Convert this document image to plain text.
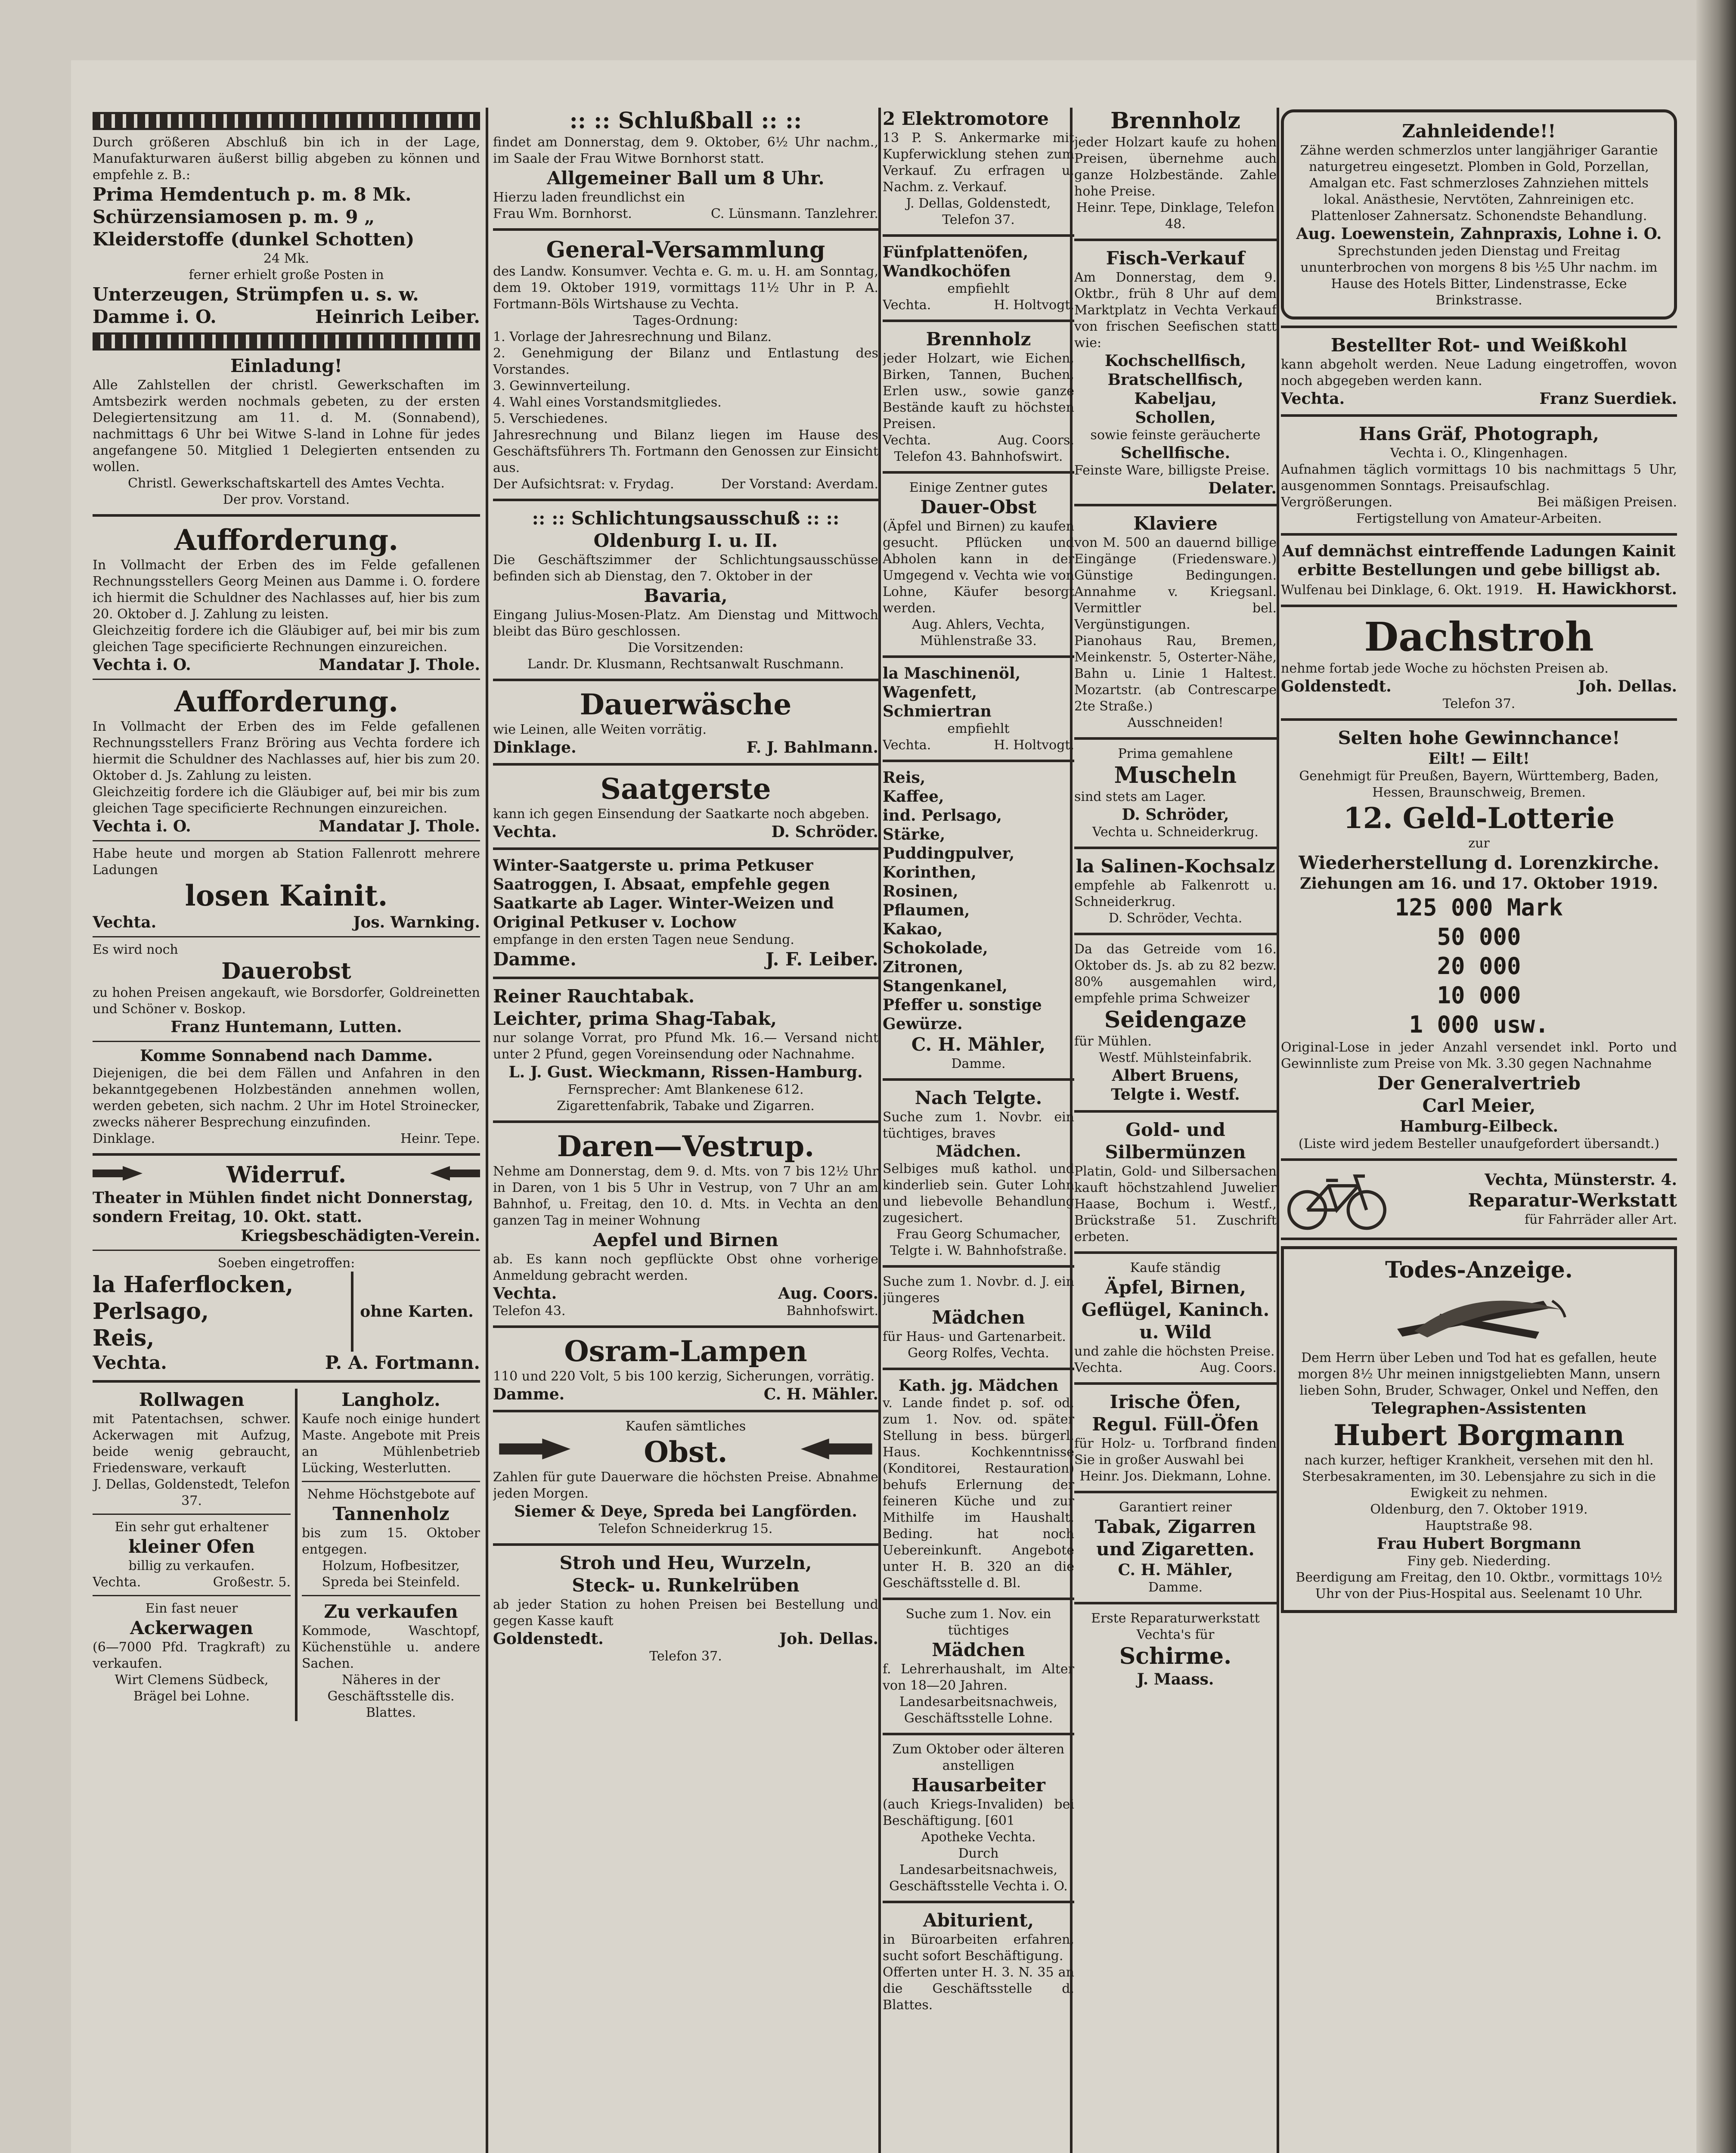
Durch größeren Abschluß bin ich in der Lage, Manufakturwaren äußerst billig abgeben zu können und empfehle z. B.:

Prima Hemdentuch p. m. 8 Mk.

Schürzensiamosen p. m. 9 „

Kleiderstoffe (dunkel Schotten)

24 Mk.

ferner erhielt große Posten in

Unterzeugen, Strümpfen u. s. w.

Damme i. O.	Heinrich Leiber.

Einladung!

Alle Zahlstellen der christl. Gewerkschaften im Amtsbezirk werden nochmals gebeten, zu der ersten Delegiertensitzung am 11. d. M. (Sonnabend), nachmittags 6 Uhr bei Witwe S-land in Lohne für jedes angefangene 50. Mitglied 1 Delegierten entsenden zu wollen.

Christl. Gewerkschaftskartell des Amtes Vechta.

Der prov. Vorstand.

Aufforderung.

In Vollmacht der Erben des im Felde gefallenen Rechnungsstellers Georg Meinen aus Damme i. O. fordere ich hiermit die Schuldner des Nachlasses auf, hier bis zum 20. Oktober d. J. Zahlung zu leisten.

Gleichzeitig fordere ich die Gläubiger auf, bei mir bis zum gleichen Tage specificierte Rechnungen einzureichen.

Vechta i. O.	Mandatar J. Thole.

Aufforderung.

In Vollmacht der Erben des im Felde gefallenen Rechnungsstellers Franz Bröring aus Vechta fordere ich hiermit die Schuldner des Nachlasses auf, hier bis zum 20. Oktober d. Js. Zahlung zu leisten.

Gleichzeitig fordere ich die Gläubiger auf, bei mir bis zum gleichen Tage specificierte Rechnungen einzureichen.

Vechta i. O.	Mandatar J. Thole.

Habe heute und morgen ab Station Fallenrott mehrere Ladungen

losen Kainit.

Vechta.	Jos. Warnking.

Es wird noch

Dauerobst

zu hohen Preisen angekauft, wie Borsdorfer, Goldreinetten und Schöner v. Boskop.

Franz Huntemann, Lutten.

Komme Sonnabend nach Damme.

Diejenigen, die bei dem Fällen und Anfahren in den bekanntgegebenen Holzbeständen annehmen wollen, werden gebeten, sich nachm. 2 Uhr im Hotel Stroinecker, zwecks näherer Besprechung einzufinden.

Dinklage.	Heinr. Tepe.
Widerruf.

Theater in Mühlen findet nicht Donnerstag, sondern Freitag, 10. Okt. statt.

Kriegsbeschädigten-Verein.

Soeben eingetroffen:

la Haferflocken,

Perlsago,

Reis,

ohne Karten.

Vechta.	P. A. Fortmann.

Rollwagen

mit Patentachsen, schwer. Ackerwagen mit Aufzug, beide wenig gebraucht, Friedensware, verkauft

J. Dellas, Goldenstedt, Telefon 37.

Ein sehr gut erhaltener

kleiner Ofen

billig zu verkaufen.

Vechta.	Großestr. 5.

Ein fast neuer

Ackerwagen

(6—7000 Pfd. Tragkraft) zu verkaufen.

Wirt Clemens Südbeck, Brägel bei Lohne.

Langholz.

Kaufe noch einige hundert Maste. Angebote mit Preis an Mühlenbetrieb Lücking, Westerlutten.

Nehme Höchstgebote auf

Tannenholz

bis zum 15. Oktober entgegen.

Holzum, Hofbesitzer, Spreda bei Steinfeld.

Zu verkaufen

Kommode, Waschtopf, Küchenstühle u. andere Sachen.

Näheres in der Geschäftsstelle dis. Blattes.

:: :: Schlußball :: ::

findet am Donnerstag, dem 9. Oktober, 6½ Uhr nachm., im Saale der Frau Witwe Bornhorst statt.

Allgemeiner Ball um 8 Uhr.

Hierzu laden freundlichst ein

Frau Wm. Bornhorst.	C. Lünsmann. Tanzlehrer.

General-Versammlung

des Landw. Konsumver. Vechta e. G. m. u. H. am Sonntag, dem 19. Oktober 1919, vormittags 11½ Uhr in P. A. Fortmann-Böls Wirtshause zu Vechta.

Tages-Ordnung:

1. Vorlage der Jahresrechnung und Bilanz.

2. Genehmigung der Bilanz und Entlastung des Vorstandes.

3. Gewinnverteilung.

4. Wahl eines Vorstandsmitgliedes.

5. Verschiedenes.

Jahresrechnung und Bilanz liegen im Hause des Geschäftsführers Th. Fortmann den Genossen zur Einsicht aus.

Der Aufsichtsrat: v. Frydag.	Der Vorstand: Averdam.

:: :: Schlichtungsausschuß :: ::

Oldenburg I. u. II.

Die Geschäftszimmer der Schlichtungsausschüsse befinden sich ab Dienstag, den 7. Oktober in der

Bavaria,

Eingang Julius-Mosen-Platz. Am Dienstag und Mittwoch bleibt das Büro geschlossen.

Die Vorsitzenden:

Landr. Dr. Klusmann, Rechtsanwalt Ruschmann.

Dauerwäsche

wie Leinen, alle Weiten vorrätig.

Dinklage.	F. J. Bahlmann.

Saatgerste

kann ich gegen Einsendung der Saatkarte noch abgeben.

Vechta.	D. Schröder.

Winter-Saatgerste u. prima Petkuser Saatroggen, I. Absaat, empfehle gegen Saatkarte ab Lager. Winter-Weizen und Original Petkuser v. Lochow

empfange in den ersten Tagen neue Sendung.

Damme.	J. F. Leiber.

Reiner Rauchtabak.

Leichter, prima Shag-Tabak,

nur solange Vorrat, pro Pfund Mk. 16.— Versand nicht unter 2 Pfund, gegen Voreinsendung oder Nachnahme.

L. J. Gust. Wieckmann, Rissen-Hamburg.

Fernsprecher: Amt Blankenese 612.

Zigarettenfabrik, Tabake und Zigarren.

Daren—Vestrup.

Nehme am Donnerstag, dem 9. d. Mts. von 7 bis 12½ Uhr in Daren, von 1 bis 5 Uhr in Vestrup, von 7 Uhr an am Bahnhof, u. Freitag, den 10. d. Mts. in Vechta an den ganzen Tag in meiner Wohnung

Aepfel und Birnen

ab. Es kann noch gepflückte Obst ohne vorherige Anmeldung gebracht werden.

Vechta.	Aug. Coors.
Telefon 43.	Bahnhofswirt.

Osram-Lampen

110 und 220 Volt, 5 bis 100 kerzig, Sicherungen, vorrätig.

Damme.	C. H. Mähler.

Kaufen sämtliches

Obst.

Zahlen für gute Dauerware die höchsten Preise. Abnahme jeden Morgen.

Siemer & Deye, Spreda bei Langförden.

Telefon Schneiderkrug 15.

Stroh und Heu, Wurzeln,

Steck- u. Runkelrüben

ab jeder Station zu hohen Preisen bei Bestellung und gegen Kasse kauft

Goldenstedt.	Joh. Dellas.

Telefon 37.

2 Elektromotore

13 P. S. Ankermarke mit Kupferwicklung stehen zum Verkauf. Zu erfragen u. Nachm. z. Verkauf.

J. Dellas, Goldenstedt, Telefon 37.

Fünfplattenöfen, Wandkochöfen

empfiehlt

Vechta.	H. Holtvogt.

Brennholz

jeder Holzart, wie Eichen, Birken, Tannen, Buchen, Erlen usw., sowie ganze Bestände kauft zu höchsten Preisen.

Vechta.	Aug. Coors.

Telefon 43. Bahnhofswirt.

Einige Zentner gutes

Dauer-Obst

(Äpfel und Birnen) zu kaufen gesucht. Pflücken und Abholen kann in der Umgegend v. Vechta wie von Lohne, Käufer besorgt werden.

Aug. Ahlers, Vechta, Mühlenstraße 33.

la Maschinenöl, Wagenfett, Schmiertran

empfiehlt

Vechta.	H. Holtvogt.

Reis,

Kaffee,

ind. Perlsago,

Stärke,

Puddingpulver,

Korinthen,

Rosinen,

Pflaumen,

Kakao,

Schokolade,

Zitronen,

Stangenkanel,

Pfeffer u. sonstige Gewürze.

C. H. Mähler,

Damme.

Nach Telgte.

Suche zum 1. Novbr. ein tüchtiges, braves

Mädchen.

Selbiges muß kathol. und kinderlieb sein. Guter Lohn und liebevolle Behandlung zugesichert.

Frau Georg Schumacher, Telgte i. W. Bahnhofstraße.

Suche zum 1. Novbr. d. J. ein jüngeres

Mädchen

für Haus- und Gartenarbeit.

Georg Rolfes, Vechta.

Kath. jg. Mädchen

v. Lande findet p. sof. od. zum 1. Nov. od. später Stellung in bess. bürgerl. Haus. Kochkenntnisse (Konditorei, Restauration) behufs Erlernung der feineren Küche und zur Mithilfe im Haushalt. Beding. hat noch Uebereinkunft. Angebote unter H. B. 320 an die Geschäftsstelle d. Bl.

Suche zum 1. Nov. ein tüchtiges

Mädchen

f. Lehrerhaushalt, im Alter von 18—20 Jahren.

Landesarbeitsnachweis, Geschäftsstelle Lohne.

Zum Oktober oder älteren anstelligen

Hausarbeiter

(auch Kriegs-Invaliden) bei Beschäftigung. [601

Apotheke Vechta.

Durch Landesarbeitsnachweis, Geschäftsstelle Vechta i. O.

Abiturient,

in Büroarbeiten erfahren, sucht sofort Beschäftigung.

Offerten unter H. 3. N. 35 an die Geschäftsstelle d. Blattes.

Brennholz

jeder Holzart kaufe zu hohen Preisen, übernehme auch ganze Holzbestände. Zahle hohe Preise.

Heinr. Tepe, Dinklage, Telefon 48.

Fisch-Verkauf

Am Donnerstag, dem 9. Oktbr., früh 8 Uhr auf dem Marktplatz in Vechta Verkauf von frischen Seefischen statt wie:

Kochschellfisch,

Bratschellfisch,

Kabeljau,

Schollen,

sowie feinste geräucherte

Schellfische.

Feinste Ware, billigste Preise.

Delater.

Klaviere

von M. 500 an dauernd billige Eingänge (Friedensware.) Günstige Bedingungen. Annahme v. Kriegsanl. Vermittler bel. Vergünstigungen.

Pianohaus Rau, Bremen, Meinkenstr. 5, Osterter-Nähe, Bahn u. Linie 1 Haltest. Mozartstr. (ab Contrescarpe 2te Straße.)

Ausschneiden!

Prima gemahlene

Muscheln

sind stets am Lager.

D. Schröder,

Vechta u. Schneiderkrug.

la Salinen-Kochsalz

empfehle ab Falkenrott u. Schneiderkrug.

D. Schröder, Vechta.

Da das Getreide vom 16. Oktober ds. Js. ab zu 82 bezw. 80% ausgemahlen wird, empfehle prima Schweizer

Seidengaze

für Mühlen.

Westf. Mühlsteinfabrik.

Albert Bruens,

Telgte i. Westf.

Gold- und Silbermünzen

Platin, Gold- und Silbersachen kauft höchstzahlend Juwelier Haase, Bochum i. Westf., Brückstraße 51. Zuschrift erbeten.

Kaufe ständig

Äpfel, Birnen, Geflügel, Kaninch. u. Wild

und zahle die höchsten Preise.

Vechta.	Aug. Coors.

Irische Öfen, Regul. Füll-Öfen

für Holz- u. Torfbrand finden Sie in großer Auswahl bei

Heinr. Jos. Diekmann, Lohne.

Garantiert reiner

Tabak, Zigarren und Zigaretten.

C. H. Mähler,

Damme.

Erste Reparaturwerkstatt Vechta's für

Schirme.

J. Maass.

Zahnleidende!!

Zähne werden schmerzlos unter langjähriger Garantie naturgetreu eingesetzt. Plomben in Gold, Porzellan, Amalgan etc. Fast schmerzloses Zahnziehen mittels lokal. Anästhesie, Nervtöten, Zahnreinigen etc. Plattenloser Zahnersatz. Schonendste Behandlung.

Aug. Loewenstein, Zahnpraxis, Lohne i. O.

Sprechstunden jeden Dienstag und Freitag ununterbrochen von morgens 8 bis ½5 Uhr nachm. im Hause des Hotels Bitter, Lindenstrasse, Ecke Brinkstrasse.

Bestellter Rot- und Weißkohl

kann abgeholt werden. Neue Ladung eingetroffen, wovon noch abgegeben werden kann.

Vechta.	Franz Suerdiek.

Hans Gräf, Photograph,

Vechta i. O., Klingenhagen.

Aufnahmen täglich vormittags 10 bis nachmittags 5 Uhr, ausgenommen Sonntags. Preisaufschlag.

Vergrößerungen.	Bei mäßigen Preisen.

Fertigstellung von Amateur-Arbeiten.

Auf demnächst eintreffende Ladungen Kainit erbitte Bestellungen und gebe billigst ab.

Wulfenau bei Dinklage, 6. Okt. 1919. H. Hawickhorst.

Dachstroh

nehme fortab jede Woche zu höchsten Preisen ab.

Goldenstedt.	Joh. Dellas.

Telefon 37.

Selten hohe Gewinnchance!

Eilt! — Eilt!

Genehmigt für Preußen, Bayern, Württemberg, Baden, Hessen, Braunschweig, Bremen.

12. Geld-Lotterie

zur

Wiederherstellung d. Lorenzkirche.

Ziehungen am 16. und 17. Oktober 1919.

125 000 Mark

50 000

20 000

10 000

1 000 usw.

Original-Lose in jeder Anzahl versendet inkl. Porto und Gewinnliste zum Preise von Mk. 3.30 gegen Nachnahme

Der Generalvertrieb

Carl Meier,

Hamburg-Eilbeck.

(Liste wird jedem Besteller unaufgefordert übersandt.)

Vechta, Münsterstr. 4.

Reparatur-Werkstatt

für Fahrräder aller Art.

Todes-Anzeige.

Dem Herrn über Leben und Tod hat es gefallen, heute morgen 8½ Uhr meinen innigstgeliebten Mann, unsern lieben Sohn, Bruder, Schwager, Onkel und Neffen, den

Telegraphen-Assistenten

Hubert Borgmann

nach kurzer, heftiger Krankheit, versehen mit den hl. Sterbesakramenten, im 30. Lebensjahre zu sich in die Ewigkeit zu nehmen.

Oldenburg, den 7. Oktober 1919.

Hauptstraße 98.

Frau Hubert Borgmann

Finy geb. Niederding.

Beerdigung am Freitag, den 10. Oktbr., vormittags 10½ Uhr von der Pius-Hospital aus. Seelenamt 10 Uhr.
